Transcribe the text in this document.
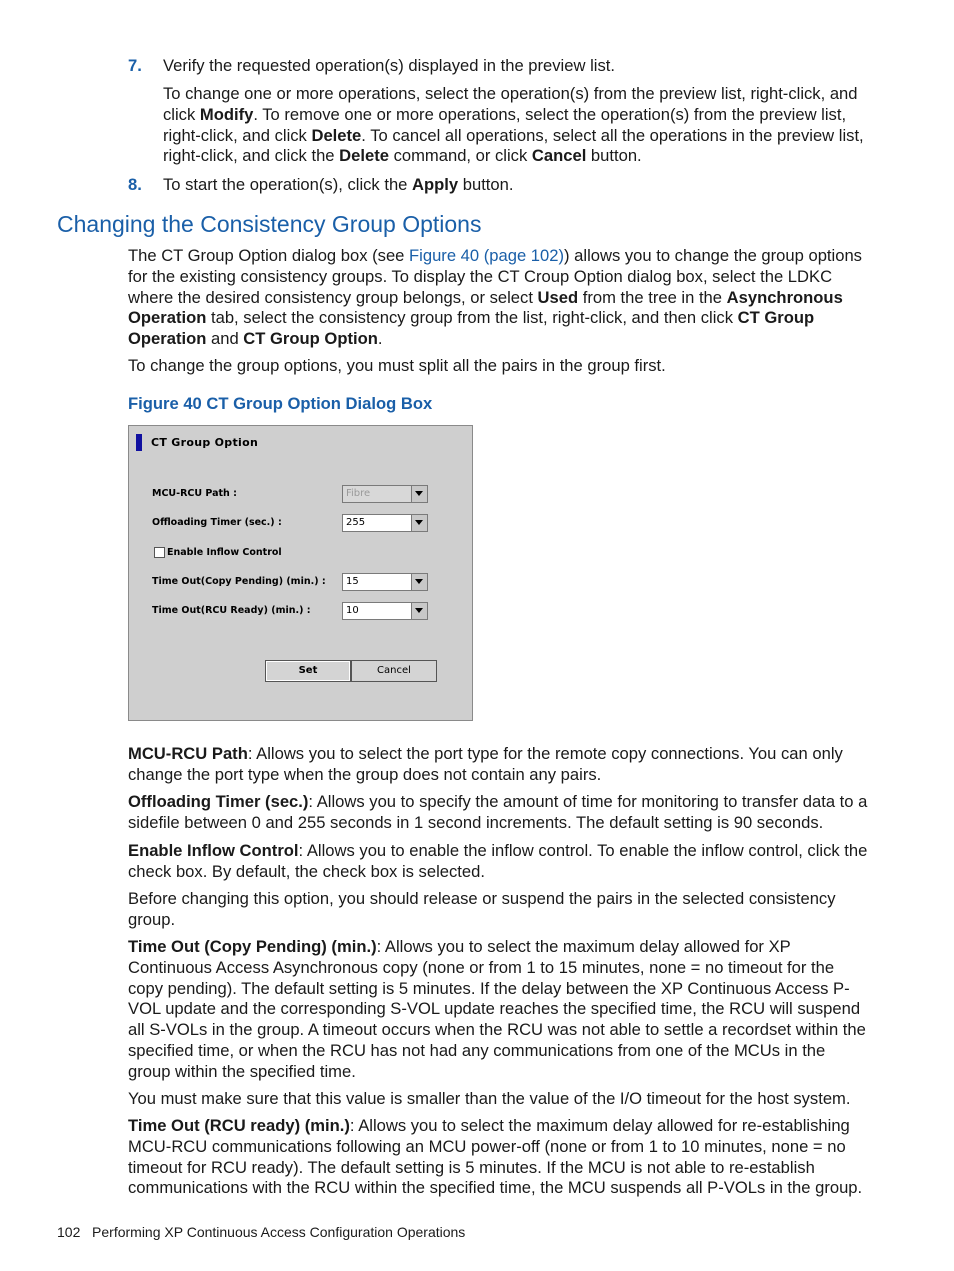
7. Verify the requested operation(s) displayed in the preview list.

To change one or more operations, select the operation(s) from the preview list, right-click, and click Modify. To remove one or more operations, select the operation(s) from the preview list, right-click, and click Delete. To cancel all operations, select all the operations in the preview list, right-click, and click the Delete command, or click Cancel button.

8. To start the operation(s), click the Apply button.

Changing the Consistency Group Options

The CT Group Option dialog box (see Figure 40 (page 102)) allows you to change the group options for the existing consistency groups. To display the CT Croup Option dialog box, select the LDKC where the desired consistency group belongs, or select Used from the tree in the Asynchronous Operation tab, select the consistency group from the list, right-click, and then click CT Group Operation and CT Group Option.

To change the group options, you must split all the pairs in the group first.

Figure 40 CT Group Option Dialog Box
CT Group Option
MCU-RCU Path :	Fibre
Offloading Timer (sec.) :	255
Enable Inflow Control
Time Out(Copy Pending) (min.) : 15
Time Out(RCU Ready) (min.) :	10
Set	Cancel

MCU-RCU Path: Allows you to select the port type for the remote copy connections. You can only change the port type when the group does not contain any pairs.

Offloading Timer (sec.): Allows you to specify the amount of time for monitoring to transfer data to a sidefile between 0 and 255 seconds in 1 second increments. The default setting is 90 seconds.

Enable Inflow Control: Allows you to enable the inflow control. To enable the inflow control, click the check box. By default, the check box is selected.

Before changing this option, you should release or suspend the pairs in the selected consistency group.

Time Out (Copy Pending) (min.): Allows you to select the maximum delay allowed for XP Continuous Access Asynchronous copy (none or from 1 to 15 minutes, none = no timeout for the copy pending). The default setting is 5 minutes. If the delay between the XP Continuous Access P-VOL update and the corresponding S-VOL update reaches the specified time, the RCU will suspend all S-VOLs in the group. A timeout occurs when the RCU was not able to settle a recordset within the specified time, or when the RCU has not had any communications from one of the MCUs in the group within the specified time.

You must make sure that this value is smaller than the value of the I/O timeout for the host system.

Time Out (RCU ready) (min.): Allows you to select the maximum delay allowed for re-establishing MCU-RCU communications following an MCU power-off (none or from 1 to 10 minutes, none = no timeout for RCU ready). The default setting is 5 minutes. If the MCU is not able to re-establish communications with the RCU within the specified time, the MCU suspends all P-VOLs in the group.

102 Performing XP Continuous Access Configuration Operations
